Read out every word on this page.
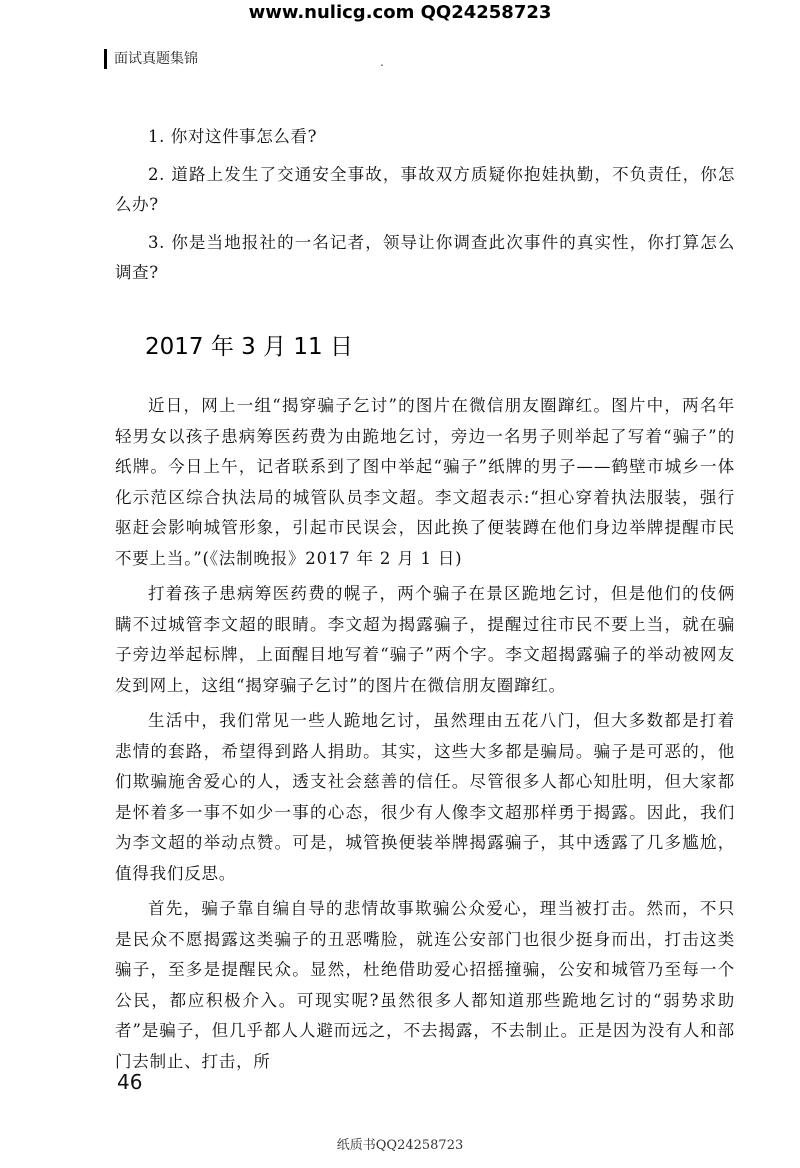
www.nulicg.com QQ24258723
面试真题集锦	.

1. 你对这件事怎么看?

2. 道路上发生了交通安全事故，事故双方质疑你抱娃执勤，不负责任，你怎么办?

3. 你是当地报社的一名记者，领导让你调查此次事件的真实性，你打算怎么调查?

2017 年 3 月 11 日

近日，网上一组“揭穿骗子乞讨”的图片在微信朋友圈蹿红。图片中，两名年轻男女以孩子患病筹医药费为由跪地乞讨，旁边一名男子则举起了写着“骗子”的纸牌。今日上午，记者联系到了图中举起“骗子”纸牌的男子——鹤壁市城乡一体化示范区综合执法局的城管队员李文超。李文超表示:“担心穿着执法服装，强行驱赶会影响城管形象，引起市民误会，因此换了便装蹲在他们身边举牌提醒市民不要上当。”(《法制晚报》2017 年 2 月 1 日)

打着孩子患病筹医药费的幌子，两个骗子在景区跪地乞讨，但是他们的伎俩瞒不过城管李文超的眼睛。李文超为揭露骗子，提醒过往市民不要上当，就在骗子旁边举起标牌，上面醒目地写着“骗子”两个字。李文超揭露骗子的举动被网友发到网上，这组“揭穿骗子乞讨”的图片在微信朋友圈蹿红。

生活中，我们常见一些人跪地乞讨，虽然理由五花八门，但大多数都是打着悲情的套路，希望得到路人捐助。其实，这些大多都是骗局。骗子是可恶的，他们欺骗施舍爱心的人，透支社会慈善的信任。尽管很多人都心知肚明，但大家都是怀着多一事不如少一事的心态，很少有人像李文超那样勇于揭露。因此，我们为李文超的举动点赞。可是，城管换便装举牌揭露骗子，其中透露了几多尴尬，值得我们反思。

首先，骗子靠自编自导的悲情故事欺骗公众爱心，理当被打击。然而，不只是民众不愿揭露这类骗子的丑恶嘴脸，就连公安部门也很少挺身而出，打击这类骗子，至多是提醒民众。显然，杜绝借助爱心招摇撞骗，公安和城管乃至每一个公民，都应积极介入。可现实呢?虽然很多人都知道那些跪地乞讨的“弱势求助者”是骗子，但几乎都人人避而远之，不去揭露，不去制止。正是因为没有人和部门去制止、打击，所

46
纸质书QQ24258723
